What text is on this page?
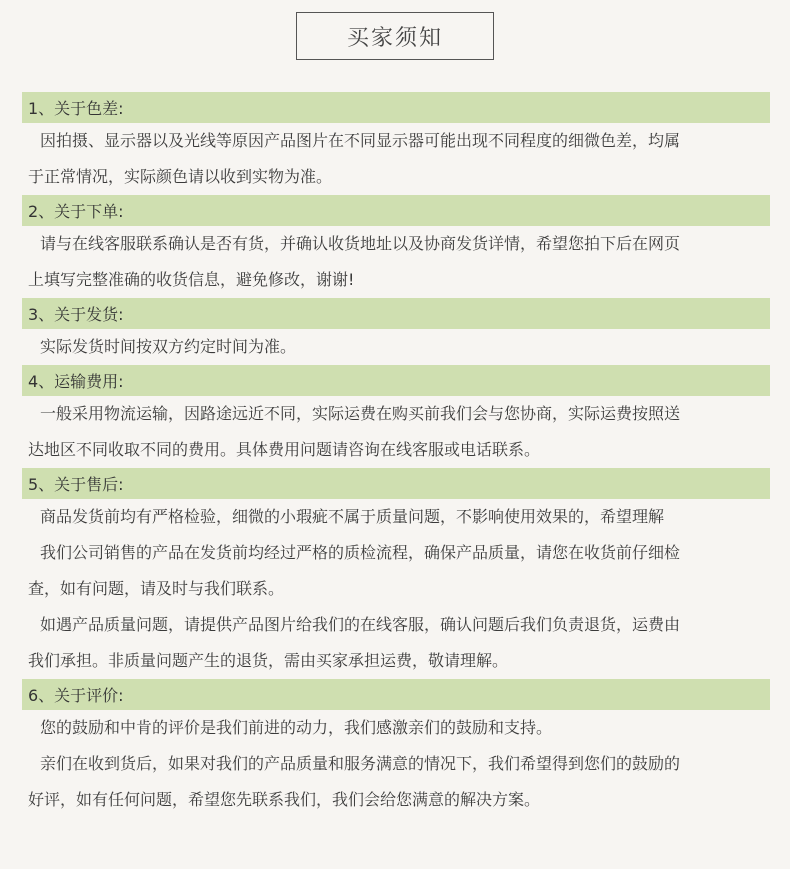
买家须知
1、关于色差:

因拍摄、显示器以及光线等原因产品图片在不同显示器可能出现不同程度的细微色差，均属

于正常情况，实际颜色请以收到实物为准。

2、关于下单:

请与在线客服联系确认是否有货，并确认收货地址以及协商发货详情，希望您拍下后在网页

上填写完整准确的收货信息，避免修改，谢谢!

3、关于发货:

实际发货时间按双方约定时间为准。

4、运输费用:

一般采用物流运输，因路途远近不同，实际运费在购买前我们会与您协商，实际运费按照送

达地区不同收取不同的费用。具体费用问题请咨询在线客服或电话联系。

5、关于售后:

商品发货前均有严格检验，细微的小瑕疵不属于质量问题，不影响使用效果的，希望理解

我们公司销售的产品在发货前均经过严格的质检流程，确保产品质量，请您在收货前仔细检

查，如有问题，请及时与我们联系。

如遇产品质量问题，请提供产品图片给我们的在线客服，确认问题后我们负责退货，运费由

我们承担。非质量问题产生的退货，需由买家承担运费，敬请理解。

6、关于评价:

您的鼓励和中肯的评价是我们前进的动力，我们感激亲们的鼓励和支持。

亲们在收到货后，如果对我们的产品质量和服务满意的情况下，我们希望得到您们的鼓励的

好评，如有任何问题，希望您先联系我们，我们会给您满意的解决方案。
